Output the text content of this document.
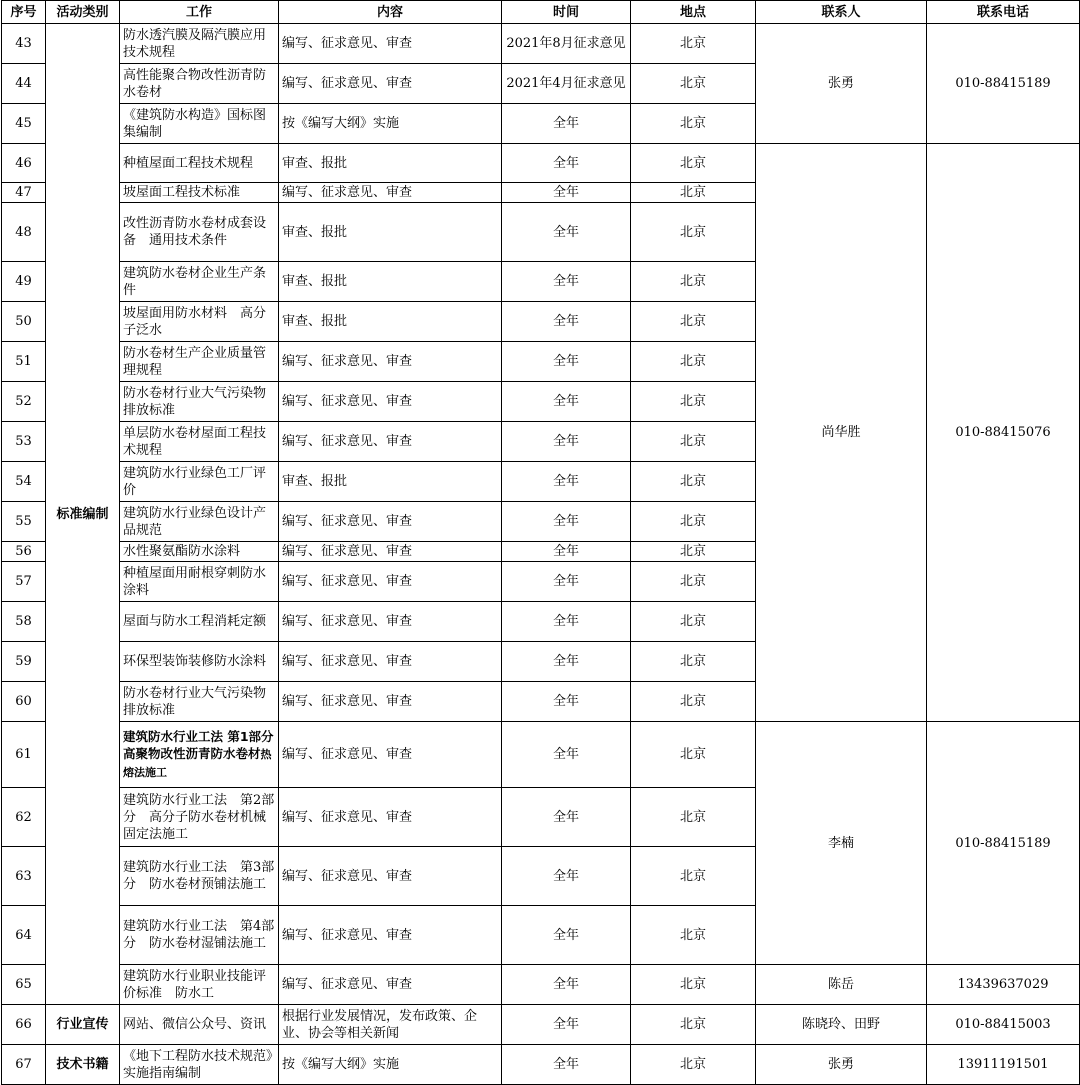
序号	活动类别	工作	内容	时间	地点	联系人	联系电话
43	标准编制	防水透汽膜及隔汽膜应用技术规程	编写、征求意见、审查	2021年8月征求意见	北京	张勇	010-88415189
44		高性能聚合物改性沥青防水卷材	编写、征求意见、审查	2021年4月征求意见	北京		
45		《建筑防水构造》国标图集编制	按《编写大纲》实施	全年	北京		
46		种植屋面工程技术规程	审查、报批	全年	北京	尚华胜	010-88415076
47		坡屋面工程技术标准	编写、征求意见、审查	全年	北京		
48		改性沥青防水卷材成套设备　通用技术条件	审查、报批	全年	北京		
49		建筑防水卷材企业生产条件	审查、报批	全年	北京		
50		坡屋面用防水材料　高分子泛水	审查、报批	全年	北京		
51		防水卷材生产企业质量管理规程	编写、征求意见、审查	全年	北京		
52		防水卷材行业大气污染物排放标准	编写、征求意见、审查	全年	北京		
53		单层防水卷材屋面工程技术规程	编写、征求意见、审查	全年	北京		
54		建筑防水行业绿色工厂评价	审查、报批	全年	北京		
55		建筑防水行业绿色设计产品规范	编写、征求意见、审查	全年	北京		
56		水性聚氨酯防水涂料	编写、征求意见、审查	全年	北京		
57		种植屋面用耐根穿刺防水涂料	编写、征求意见、审查	全年	北京		
58		屋面与防水工程消耗定额	编写、征求意见、审查	全年	北京		
59		环保型装饰装修防水涂料	编写、征求意见、审查	全年	北京		
60		防水卷材行业大气污染物排放标准	编写、征求意见、审查	全年	北京		
61		建筑防水行业工法 第1部分 高聚物改性沥青防水卷材热熔法施工	编写、征求意见、审查	全年	北京	李楠	010-88415189
62		建筑防水行业工法　第2部分　高分子防水卷材机械固定法施工	编写、征求意见、审查	全年	北京		
63		建筑防水行业工法　第3部分　防水卷材预铺法施工	编写、征求意见、审查	全年	北京		
64		建筑防水行业工法　第4部分　防水卷材湿铺法施工	编写、征求意见、审查	全年	北京		
65		建筑防水行业职业技能评价标准　防水工	编写、征求意见、审查	全年	北京	陈岳	13439637029
66	行业宣传	网站、微信公众号、资讯	根据行业发展情况，发布政策、企业、协会等相关新闻	全年	北京	陈晓玲、田野	010-88415003
67	技术书籍	《地下工程防水技术规范》实施指南编制	按《编写大纲》实施	全年	北京	张勇	13911191501
